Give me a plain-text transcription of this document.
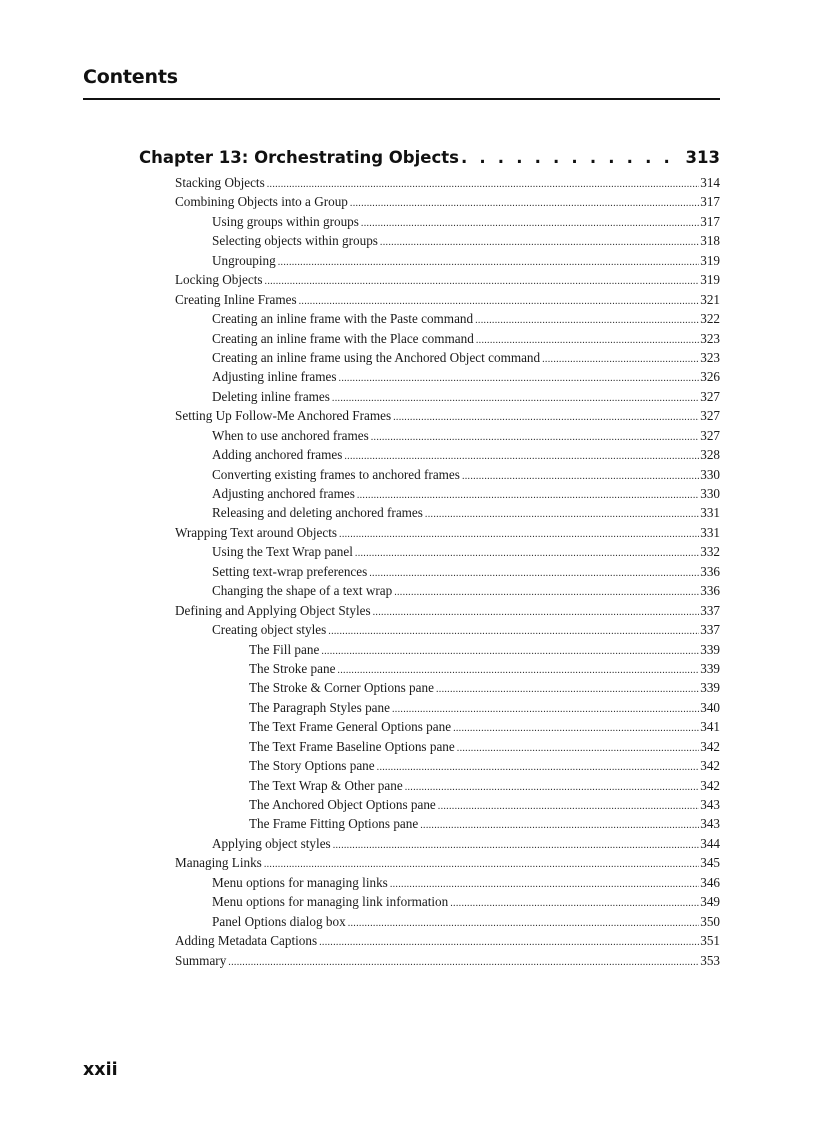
Contents
Chapter 13: Orchestrating Objects . . .	313
Stacking Objects .....	314
Combining Objects into a Group .....	317
Using groups within groups .....	317
Selecting objects within groups .....	318
Ungrouping .....	319
Locking Objects .....	319
Creating Inline Frames .....	321
Creating an inline frame with the Paste command .....	322
Creating an inline frame with the Place command .....	323
Creating an inline frame using the Anchored Object command .....	323
Adjusting inline frames .....	326
Deleting inline frames .....	327
Setting Up Follow-Me Anchored Frames .....	327
When to use anchored frames .....	327
Adding anchored frames .....	328
Converting existing frames to anchored frames .....	330
Adjusting anchored frames .....	330
Releasing and deleting anchored frames .....	331
Wrapping Text around Objects .....	331
Using the Text Wrap panel .....	332
Setting text-wrap preferences .....	336
Changing the shape of a text wrap .....	336
Defining and Applying Object Styles .....	337
Creating object styles .....	337
The Fill pane .....	339
The Stroke pane .....	339
The Stroke & Corner Options pane .....	339
The Paragraph Styles pane .....	340
The Text Frame General Options pane .....	341
The Text Frame Baseline Options pane .....	342
The Story Options pane .....	342
The Text Wrap & Other pane .....	342
The Anchored Object Options pane .....	343
The Frame Fitting Options pane .....	343
Applying object styles .....	344
Managing Links .....	345
Menu options for managing links .....	346
Menu options for managing link information .....	349
Panel Options dialog box .....	350
Adding Metadata Captions .....	351
Summary .....	353
xxii
